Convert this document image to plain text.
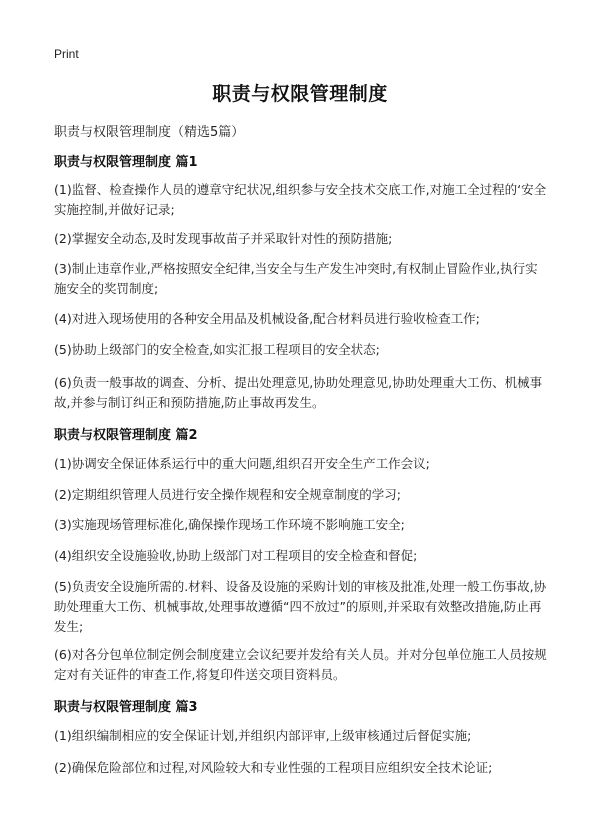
Print
职责与权限管理制度
职责与权限管理制度（精选5篇）
职责与权限管理制度 篇1
(1)监督、检查操作人员的遵章守纪状况,组织参与安全技术交底工作,对施工全过程的‘安全实施控制,并做好记录;
(2)掌握安全动态,及时发现事故苗子并采取针对性的预防措施;
(3)制止违章作业,严格按照安全纪律,当安全与生产发生冲突时,有权制止冒险作业,执行实施安全的奖罚制度;
(4)对进入现场使用的各种安全用品及机械设备,配合材料员进行验收检查工作;
(5)协助上级部门的安全检查,如实汇报工程项目的安全状态;
(6)负责一般事故的调查、分析、提出处理意见,协助处理意见,协助处理重大工伤、机械事故,并参与制订纠正和预防措施,防止事故再发生。
职责与权限管理制度 篇2
(1)协调安全保证体系运行中的重大问题,组织召开安全生产工作会议;
(2)定期组织管理人员进行安全操作规程和安全规章制度的学习;
(3)实施现场管理标准化,确保操作现场工作环境不影响施工安全;
(4)组织安全设施验收,协助上级部门对工程项目的安全检查和督促;
(5)负责安全设施所需的.材料、设备及设施的采购计划的审核及批准,处理一般工伤事故,协助处理重大工伤、机械事故,处理事故遵循“四不放过”的原则,并采取有效整改措施,防止再发生;
(6)对各分包单位制定例会制度建立会议纪要并发给有关人员。并对分包单位施工人员按规定对有关证件的审查工作,将复印件送交项目资料员。
职责与权限管理制度 篇3
(1)组织编制相应的安全保证计划,并组织内部评审,上级审核通过后督促实施;
(2)确保危险部位和过程,对风险较大和专业性强的工程项目应组织安全技术论证;
